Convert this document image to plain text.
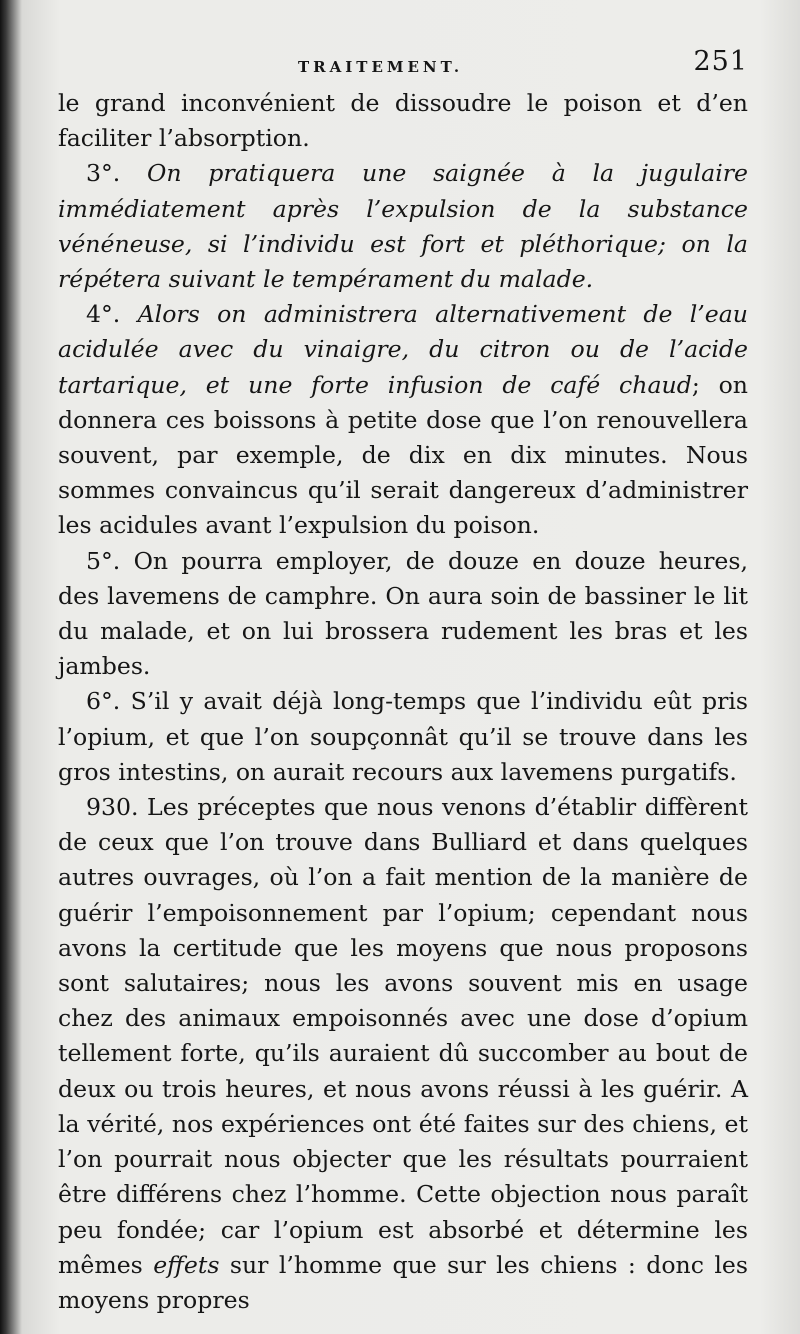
TRAITEMENT.	251

le grand inconvénient de dissoudre le poison et d’en faciliter l’absorption.

3°. On pratiquera une saignée à la jugulaire immédiatement après l’expulsion de la substance vénéneuse, si l’individu est fort et pléthorique; on la répétera suivant le tempérament du malade.

4°. Alors on administrera alternativement de l’eau acidulée avec du vinaigre, du citron ou de l’acide tartarique, et une forte infusion de café chaud; on donnera ces boissons à petite dose que l’on renouvellera souvent, par exemple, de dix en dix minutes. Nous sommes convaincus qu’il serait dangereux d’administrer les acidules avant l’expulsion du poison.

5°. On pourra employer, de douze en douze heures, des lavemens de camphre. On aura soin de bassiner le lit du malade, et on lui brossera rudement les bras et les jambes.

6°. S’il y avait déjà long-temps que l’individu eût pris l’opium, et que l’on soupçonnât qu’il se trouve dans les gros intestins, on aurait recours aux lavemens purgatifs.

930. Les préceptes que nous venons d’établir diffèrent de ceux que l’on trouve dans Bulliard et dans quelques autres ouvrages, où l’on a fait mention de la manière de guérir l’empoisonnement par l’opium; cependant nous avons la certitude que les moyens que nous proposons sont salutaires; nous les avons souvent mis en usage chez des animaux empoisonnés avec une dose d’opium tellement forte, qu’ils auraient dû succomber au bout de deux ou trois heures, et nous avons réussi à les guérir. A la vérité, nos expériences ont été faites sur des chiens, et l’on pourrait nous objecter que les résultats pourraient être différens chez l’homme. Cette objection nous paraît peu fondée; car l’opium est absorbé et détermine les mêmes effets sur l’homme que sur les chiens : donc les moyens propres
